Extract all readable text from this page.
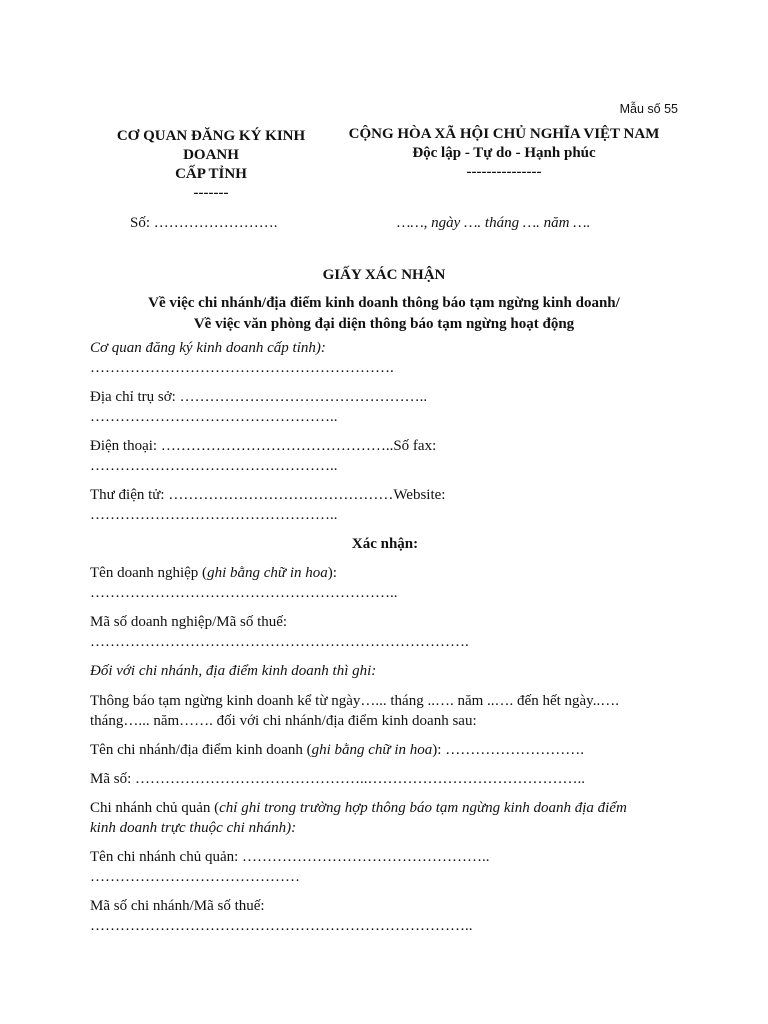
Mẫu số 55
CƠ QUAN ĐĂNG KÝ KINH
DOANH
CẤP TỈNH
-------
CỘNG HÒA XÃ HỘI CHỦ NGHĨA VIỆT NAM
Độc lập - Tự do - Hạnh phúc
---------------
Số: …………………….	……, ngày …. tháng …. năm ….
GIẤY XÁC NHẬN
Về việc chi nhánh/địa điểm kinh doanh thông báo tạm ngừng kinh doanh/
Về việc văn phòng đại diện thông báo tạm ngừng hoạt động
Cơ quan đăng ký kinh doanh cấp tỉnh):
…………………………………………………….
Địa chỉ trụ sở: …………………………………………..
…………………………………………..
Điện thoại: ………………………………………..Số fax:
…………………………………………..
Thư điện tử: ………………………………………Website:
…………………………………………..
Xác nhận:
Tên doanh nghiệp (ghi bằng chữ in hoa):
……………………………………………………..
Mã số doanh nghiệp/Mã số thuế:
………………………………………………………………….
Đối với chi nhánh, địa điểm kinh doanh thì ghi:
Thông báo tạm ngừng kinh doanh kể từ ngày…... tháng ..…. năm ..…. đến hết ngày..….
tháng…... năm……. đối với chi nhánh/địa điểm kinh doanh sau:
Tên chi nhánh/địa điểm kinh doanh (ghi bằng chữ in hoa): ……………………….
Mã số: ………………………………………..……………………………………..
Chi nhánh chủ quản (chỉ ghi trong trường hợp thông báo tạm ngừng kinh doanh địa điểm
kinh doanh trực thuộc chi nhánh):
Tên chi nhánh chủ quản: …………………………………………..
……………………………………
Mã số chi nhánh/Mã số thuế:
…………………………………………………………………..
